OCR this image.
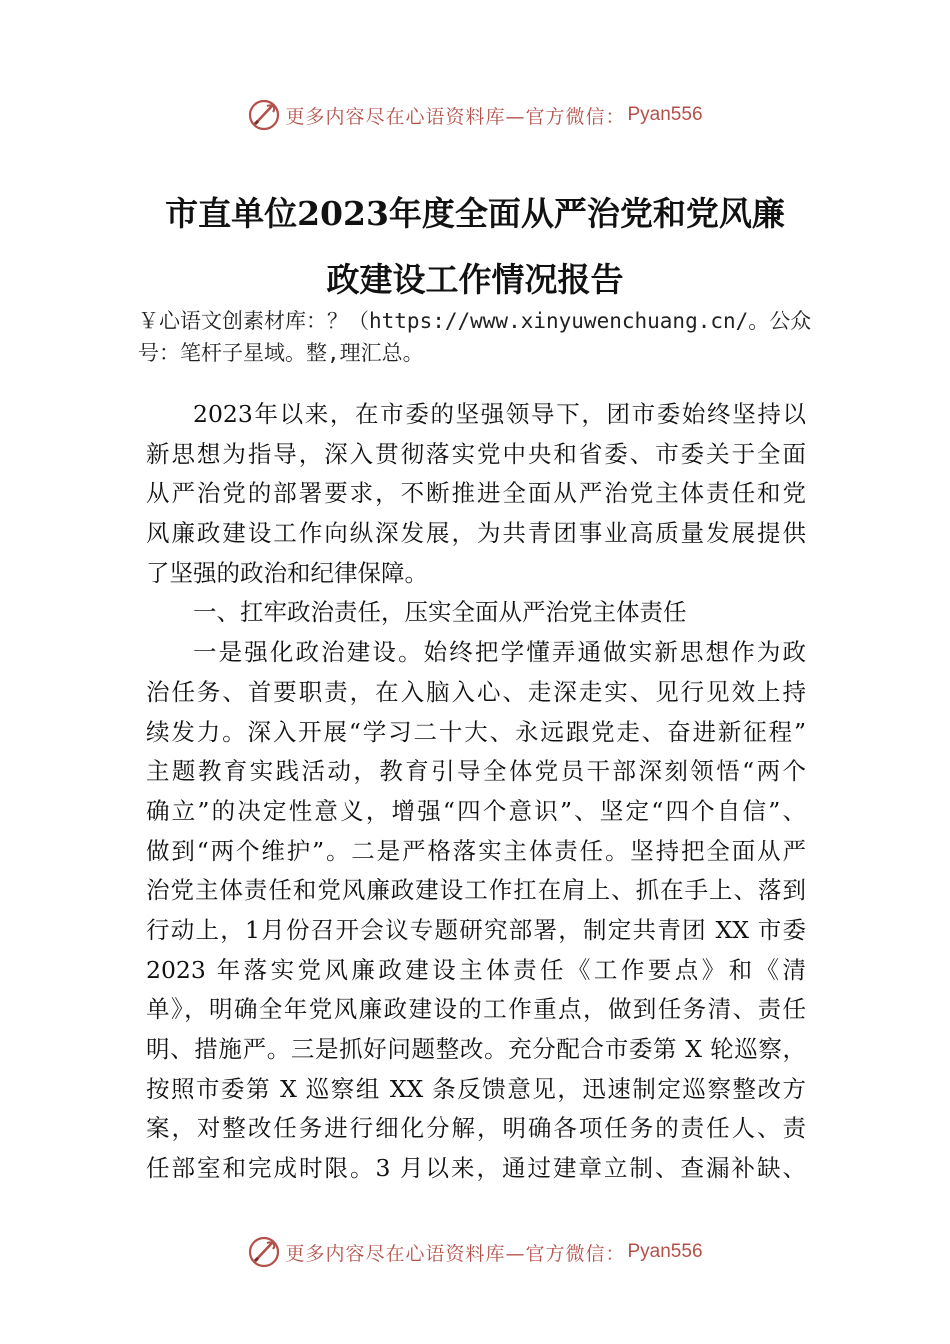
更多内容尽在心语资料库—官方微信： Pyan556
市直单位2023年度全面从严治党和党风廉
政建设工作情况报告
￥心语文创素材库：？（https://www.xinyuwenchuang.cn/。公众号：笔杆子星域。整,理汇总。
2023年以来，在市委的坚强领导下，团市委始终坚持以
新思想为指导，深入贯彻落实党中央和省委、市委关于全面
从严治党的部署要求，不断推进全面从严治党主体责任和党
风廉政建设工作向纵深发展，为共青团事业高质量发展提供
了坚强的政治和纪律保障。
一、扛牢政治责任，压实全面从严治党主体责任
一是强化政治建设。始终把学懂弄通做实新思想作为政
治任务、首要职责，在入脑入心、走深走实、见行见效上持
续发力。深入开展“学习二十大、永远跟党走、奋进新征程”
主题教育实践活动，教育引导全体党员干部深刻领悟“两个
确立”的决定性意义，增强“四个意识”、坚定“四个自信”、
做到“两个维护”。二是严格落实主体责任。坚持把全面从严
治党主体责任和党风廉政建设工作扛在肩上、抓在手上、落到
行动上，1月份召开会议专题研究部署，制定共青团 XX 市委
2023 年落实党风廉政建设主体责任《工作要点》和《清
单》，明确全年党风廉政建设的工作重点，做到任务清、责任
明、措施严。三是抓好问题整改。充分配合市委第 X 轮巡察，
按照市委第 X 巡察组 XX 条反馈意见，迅速制定巡察整改方
案，对整改任务进行细化分解，明确各项任务的责任人、责
任部室和完成时限。3 月以来，通过建章立制、查漏补缺、
更多内容尽在心语资料库—官方微信： Pyan556
